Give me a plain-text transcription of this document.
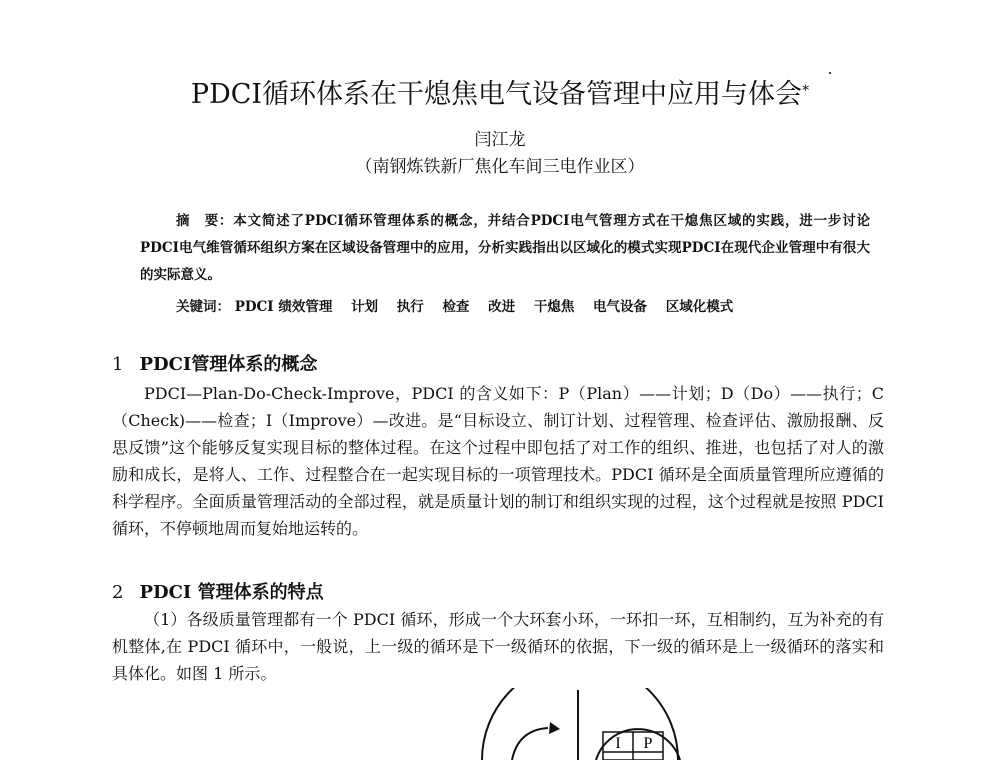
PDCI循环体系在干熄焦电气设备管理中应用与体会*
闫江龙
（南钢炼铁新厂焦化车间三电作业区）
摘　要：本文简述了PDCI循环管理体系的概念，并结合PDCI电气管理方式在干熄焦区域的实践，进一步讨论PDCI电气维管循环组织方案在区域设备管理中的应用，分析实践指出以区域化的模式实现PDCI在现代企业管理中有很大的实际意义。
关键词： PDCI 绩效管理 计划 执行 检查 改进 干熄焦 电气设备 区域化模式
1 PDCI管理体系的概念
PDCI—Plan-Do-Check-Improve，PDCI 的含义如下：P（Plan）——计划；D（Do）——执行；C（Check)——检查；I（Improve）—改进。是“目标设立、制订计划、过程管理、检查评估、激励报酬、反思反馈”这个能够反复实现目标的整体过程。在这个过程中即包括了对工作的组织、推进，也包括了对人的激励和成长，是将人、工作、过程整合在一起实现目标的一项管理技术。PDCI 循环是全面质量管理所应遵循的科学程序。全面质量管理活动的全部过程，就是质量计划的制订和组织实现的过程，这个过程就是按照 PDCI 循环，不停顿地周而复始地运转的。
2 PDCI 管理体系的特点
（1）各级质量管理都有一个 PDCI 循环，形成一个大环套小环，一环扣一环，互相制约，互为补充的有机整体,在 PDCI 循环中，一般说，上一级的循环是下一级循环的依据，下一级的循环是上一级循环的落实和具体化。如图 1 所示。
I P
